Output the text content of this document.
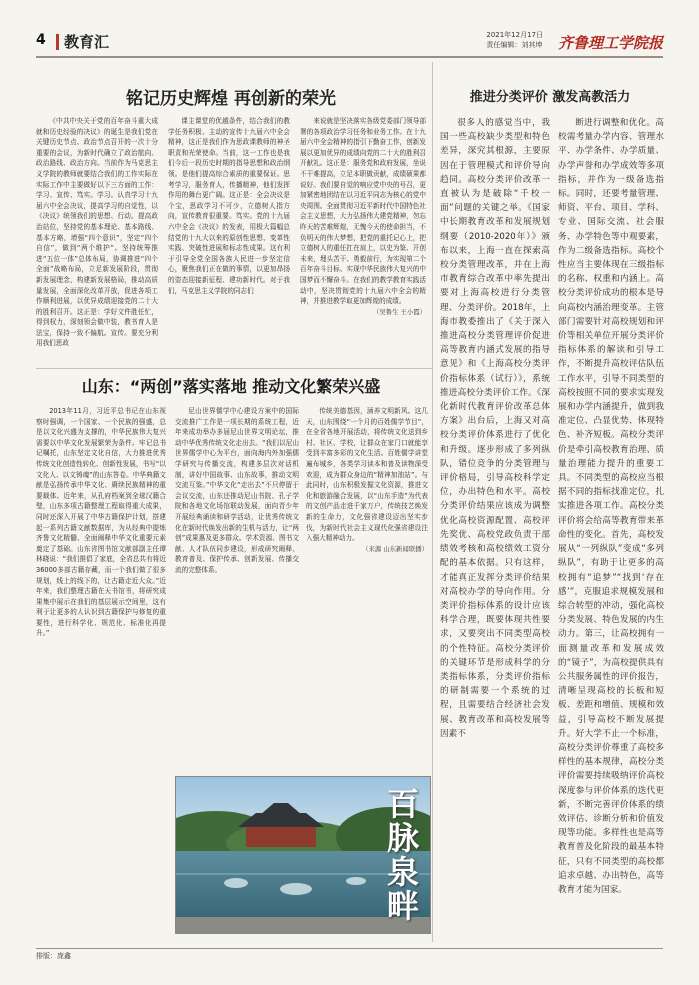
4 教育汇	2021年12月17日
责任编辑：刘其坤 齐鲁理工学院报
铭记历史辉煌 再创新的荣光

《中共中央关于党的百年奋斗重大成就和历史经验的决议》的诞生是我们党在关键历史节点、政治节点召开的一次十分重要的会议，为新时代确立了政治航向、政治路线、政治方向。当前作为马克思主义学院的教师就要结合我们的工作实际在实际工作中主要做好以下三方面的工作：学习、宣传、笃实。学习。认真学习十九届六中全会决议，提高学习的自觉性，以《决议》统领我们的思想、行动。提高政治站位，坚持党的基本理论、基本路线、基本方略，增强“四个意识”，坚定“四个自信”，做到“两个维护”。坚持统筹推进“五位一体”总体布局，协调推进“四个全面”战略布局，立足新发展阶段，贯彻新发展理念，构建新发展格局，推动高质量发展，全面深化改革开放，促进各项工作顺利进展，以优异成绩迎接党的二十大的胜利召开。这正是：学好文件胜任忙，得到权力，深刻领会做中装，教书育人是法宝，保持一致不偏航。宣传。要充分利用我们思政

课主课堂的优越条件，结合我们的教学任务积极、主动的宣传十九届六中全会精神，这正是我们作为思政课教师的神圣职责和光荣使命。当前，这一工作也是我们今后一段历史时期的指导思想和政治纲领。是他们提高综合素质的重要保证。思考学习，服务育人，传播精神，他们发挥作用的舞台更广阔。这正是：全会决议是个宝，思政学习不可少，立德树人指方向，宣传教育很重要。笃实。党的十九届六中全会《决议》的发表，用极大篇幅总结党的十九大以来的原创性思想、变革性实践、突破性进展和标志性成果。这有利于引导全党全国各族人民进一步坚定信心，聚焦我们正在做的事情，以更加昂扬的姿态迎接新征程、建功新时代。对于我们，马克思主义学院的同志们

来说就是坚决落实各级党委部门领导部署的各项政治学习任务和业务工作。在十九届六中全会精神的指引下勤奋工作，创新发展以更加优异的成绩向党的二十大的胜利召开献礼。这正是：服务党和政府发展，坐说不干难提高，立足本职做贡献，成绩硕果都说好。我们要自觉的响应党中央的号召，更加紧密地团结在以习近平同志为核心的党中央周围。全面贯彻习近平新时代中国特色社会主义思想，大力弘扬伟大建党精神，勿忘昨天的苦难辉煌，无愧今天的使命担当，不负明天的伟大梦想，把党的重托记心上，把立德树人的重任扛在肩上，以史为鉴、开创未来，埋头苦干、勇毅前行，为实现第二个百年奋斗目标、实现中华民族伟大复兴的中国梦而不懈奋斗。在我们的教学教育实践活动中，坚决贯彻党的十九届六中全会的精神，并推进教学取更加辉煌的成绩。

（吴鲁生 王小霞）
山东：“两创”落实落地 推动文化繁荣兴盛

2013年11月，习近平总书记在山东视察时强调，一个国家、一个民族的强盛，总是以文化兴盛为支撑的，中华民族伟大复兴需要以中华文化发展繁荣为条件。牢记总书记嘱托，山东坚定文化自信，大力推进优秀传统文化创造性转化、创新性发展，书写“以文化人、以文铸魂”的山东答卷。中华典籍文献是弘扬传承中华文化、赓续民族精神的重要载体。近年来，从孔府档案到全球汉籍合璧，山东多项古籍整理工程取得重大成果，同时还深入开展了中华古籍保护计划，搭建起一系列古籍文献数据库，为从经典中提炼齐鲁文化精髓、全面阐释中华文化重要元素奠定了基础。山东省图书馆文献部副主任谭林晓说：“我们推倡了家底，全省总共有将近36000多部古籍存藏，而一个我们做了很多规划，线上的线下的，让古籍走近大众。”近年来，我们整理古籍在天书馆书，将研究成果集中展示在我们的基层展示空间里，这有利于让更多的人认识到古籍保护与修复的重要性，进行科学化、规范化、标准化再提升。”

尼山世界儒学中心建设方案中的国际交流推广工作是一项长期的系统工程，近年来成功举办多届尼山世界文明论坛，推动中华优秀传统文化走出去。“我们以尼山世界儒学中心为平台，面向海内外加强儒学研究与传播交流，构建多层次对话机制，讲好中国故事、山东故事，推动文明交流互鉴。”中华文化“走出去”不只停留于会议交流，山东还推动尼山书院、孔子学院和各地文化场馆联动发展，面向青少年开展经典诵读和研学活动，让优秀传统文化在新时代焕发出新的生机与活力，让“两创”成果惠及更多群众。学术资源、图书文献、人才队伍同步建设，形成研究阐释、教育普及、保护传承、创新发展、传播交流的完整体系。

传统美德基因，涵养文明新风。这几天，山东围绕“一个月的百姓儒学节目”，在全省各地开展活动，将传统文化送到乡村、社区、学校，让群众在家门口就能享受到丰富多彩的文化生活。百姓儒学讲堂遍布城乡，各类学习读本和普及读物深受欢迎，成为群众身边的“精神加油站”。与此同时，山东积极发掘文化资源，推进文化和旅游融合发展，以“山东手造”为代表的文创产品走进千家万户，传统技艺焕发新的生命力，文化强省建设迈出坚实步伐，为新时代社会主义现代化强省建设注入强大精神动力。

（来源 山东新闻联播）
百脉泉畔
推进分类评价 激发高教活力

很多人的感觉当中，我国一些高校缺少类型和特色差异，深究其根源，主要原因在于管理模式和评价导向趋同。高校分类评价改革一直被认为是破除“千校一面”问题的关键之举。《国家中长期教育改革和发展规划纲要（2010-2020年）》颁布以来，上海一直在探索高校分类管理改革，并在上海市教育综合改革中率先提出要对上海高校进行分类管理、分类评价。2018年，上海市教委推出了《关于深入推进高校分类管理评价促进高等教育内涵式发展的指导意见》和《上海高校分类评价指标体系（试行）》，系统推进高校分类评价工作。《深化新时代教育评价改革总体方案》出台后，上海又对高校分类评价体系进行了优化和升级。逐步形成了多列纵队，错位竞争的分类管理与评价格局，引导高校科学定位，办出特色和水平。高校分类评价结果应该成为调整优化高校资源配置、高校评先奖优、高校党政负责干部绩效考核和高校绩效工资分配的基本依据。只有这样，才能真正发挥分类评价结果对高校办学的导向作用。分类评价指标体系的设计应该科学合理，既要体现共性要求，又要突出不同类型高校的个性特征。高校分类评价的关键环节是形成科学的分类指标体系，分类评价指标的研制需要一个系统的过程，且需要结合经济社会发展、教育改革和高校发展等因素不

断进行调整和优化。高校需考量办学内容、管理水平、办学条件、办学质量、办学声誉和办学成效等多项指标，并作为一级备选指标。同时，还要考量管理、师资、平台、项目、学科、专业、国际交流、社会服务、办学特色等中观要素，作为二级备选指标。高校个性应当主要体现在三级指标的名称、权重和内涵上。高校分类评价成功的根本是导向高校内涵治理变革。主管部门需要针对高校规划和评价等相关单位开展分类评价指标体系的解读和引导工作，不断提升高校评估队伍工作水平，引导不同类型的高校按照不同的要求实现发展和办学内涵提升，做到我准定位、凸显优势、体现特色、补齐短板。高校分类评价是牵引高校教育治理、质量治理能力提升的重要工具。不同类型的高校应当根据不同的指标找准定位，扎实推进各项工作。高校分类评价将会给高等教育带来革命性的变化。首先，高校发展从“一列纵队”变成“多列纵队”，有助于让更多的高校拥有“追梦”“找到‘存在感’”，克服追求规模发展和综合转型的冲动，强化高校分类发展、特色发展的内生动力。第三，让高校拥有一面测量改革和发展成效的“镜子”，为高校提供具有公共服务属性的评价报告，清晰呈现高校的长板和短板、差距和增值、规模和效益，引导高校不断发展提升。好大学不止一个标准，高校分类评价尊重了高校多样性的基本规律，高校分类评价需要持续吸纳评价高校深度参与评价体系的迭代更新，不断完善评价体系的绩效评估、诊断分析和价值发现等功能。多样性也是高等教育普及化阶段的最基本特征，只有不同类型的高校都追求卓越、办出特色，高等教育才能为国家。

排版：庞鑫
